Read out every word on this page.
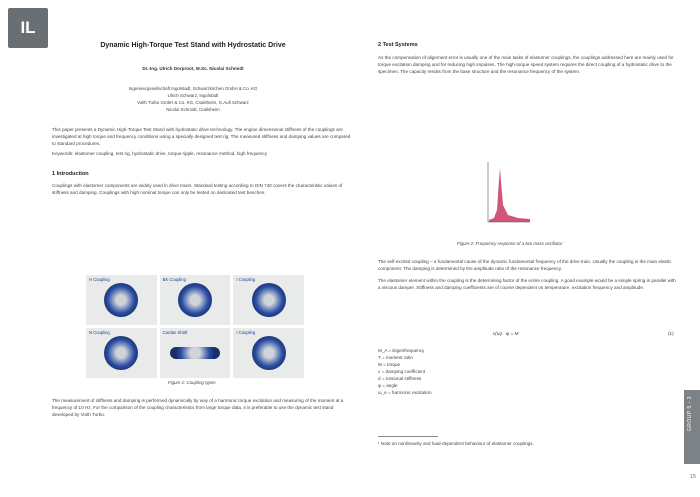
IL
Dynamic High-Torque Test Stand with Hydrostatic Drive
Dr.-Ing. Ulrich Dorproot, M.Sc. Nicolai Schmidt
Ingenieurgesellschaft Ingolstadt, Schwarzkirchen GmbH & Co. KG
Ulrich Schwarz, Ingolstadt
Voith Turbo GmbH & Co. KG, Crailsheim, G.Aufi Schwarz
Nicolai Schmidt, Crailsheim

This paper presents a Dynamic High-Torque Test Stand with hydrostatic drive technology. The engine dimensional stiffness of the couplings are investigated at high torque and frequency conditions using a specially designed test rig. The measured stiffness and damping values are compared to standard procedures.

Keywords: elastomer coupling, test rig, hydrostatic drive, torque ripple, resonance method, high frequency

1 Introduction

Couplings with elastomer components are widely used in drive trains. Standard testing according to DIN 740 covers the characteristic values of stiffness and damping. Couplings with high nominal torque can only be tested on dedicated test benches.

H Coupling	BK Coupling	I Coupling
N Coupling	Cardan Shaft	I Coupling
Figure 1: Coupling types

The measurement of stiffness and damping is performed dynamically by way of a harmonic torque excitation and measuring of the moment at a frequency of 10 Hz. For the comparison of the coupling characteristics from large torque data, it is preferable to use the dynamic test stand developed by Voith Turbo.

2 Test Systems

As the compensation of alignment error is usually one of the main tasks of elastomer couplings, the couplings addressed here are mainly used for torque excitation damping and for reducing high impulses. The high-torque speed system requires the direct coupling of a hydrostatic drive to the specimen. The capacity results from the base structure and the resonance frequency of the system.

Figure 2: Frequency response of a two mass oscillator

The self-excited coupling – a fundamental cause of the dynamic fundamental frequency of the drive train. Usually the coupling is the main elastic component. The damping is determined by the amplitude ratio of the resonance frequency.

The elastomer element within the coupling is the determining factor of the entire coupling. A good example would be a simple spring in parallel with a viscous damper. Stiffness and damping coefficients are of course dependent on temperature, excitation frequency and amplitude.

c(ω) · ψ = M	(1)

M_A = Eigenfrequency

T = moment ratio

M = torque

c = damping coefficient

d = torsional stiffness

φ = angle

ω_e = harmonic excitation

¹ Note on nonlinearity and load-dependent behaviour of elastomer couplings.

GROUP 5 - 3
15
